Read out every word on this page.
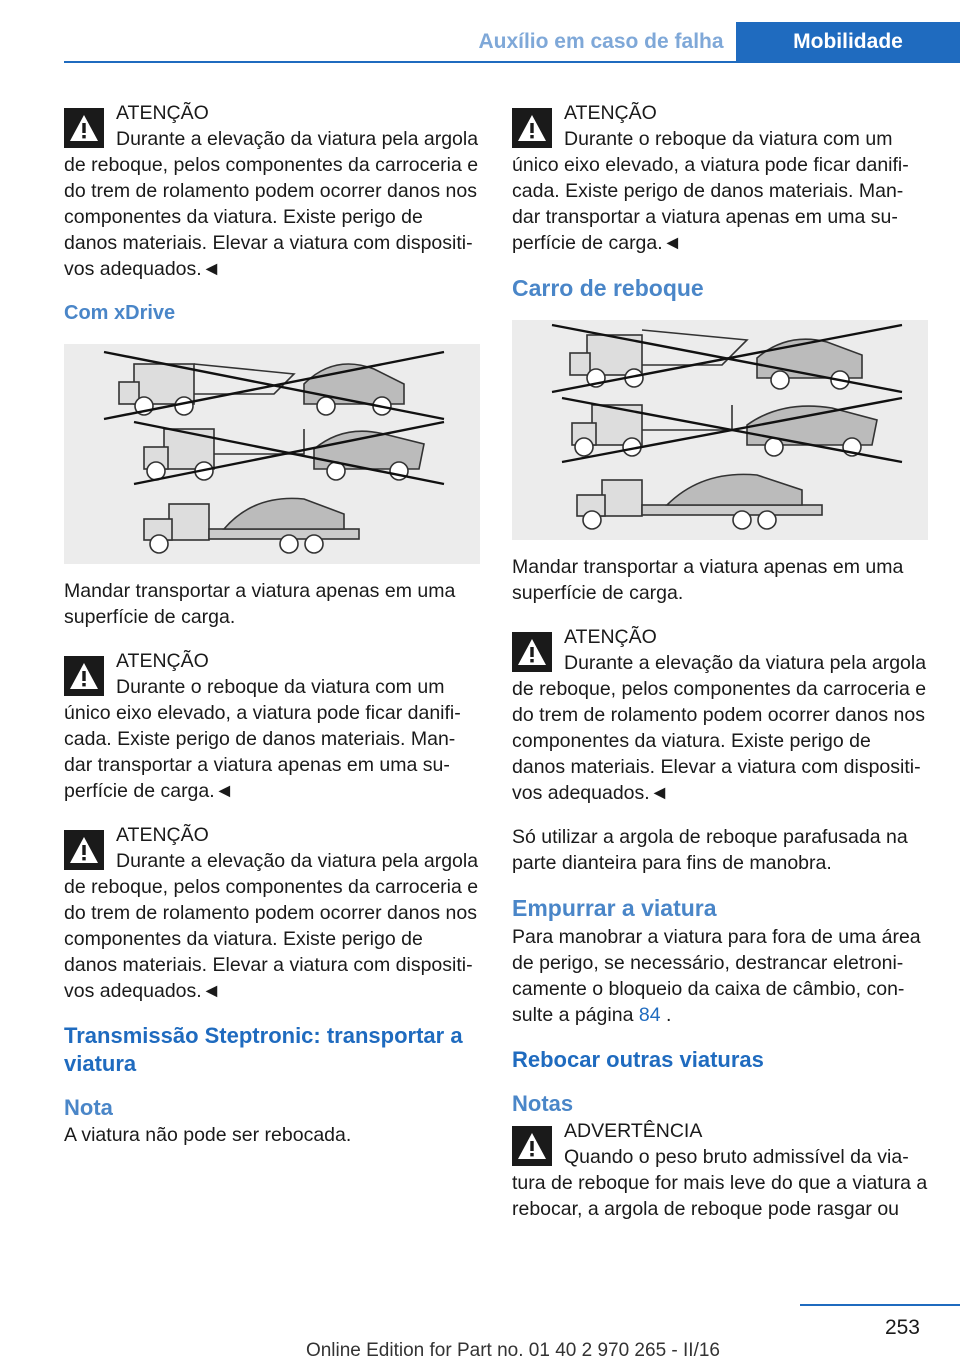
Auxílio em caso de falha	Mobilidade
ATENÇÃO
Durante a elevação da viatura pela argola de reboque, pelos componentes da carroceria e do trem de rolamento podem ocorrer danos nos componentes da viatura. Existe perigo de danos materiais. Elevar a viatura com dispositi-vos adequados.◄
Com xDrive

Mandar transportar a viatura apenas em uma superfície de carga.

ATENÇÃO
Durante o reboque da viatura com um único eixo elevado, a viatura pode ficar danifi-cada. Existe perigo de danos materiais. Man-dar transportar a viatura apenas em uma su-perfície de carga.◄
ATENÇÃO
Durante a elevação da viatura pela argola de reboque, pelos componentes da carroceria e do trem de rolamento podem ocorrer danos nos componentes da viatura. Existe perigo de danos materiais. Elevar a viatura com dispositi-vos adequados.◄
Transmissão Steptronic: transportar a viatura
Nota

A viatura não pode ser rebocada.

ATENÇÃO
Durante o reboque da viatura com um único eixo elevado, a viatura pode ficar danifi-cada. Existe perigo de danos materiais. Man-dar transportar a viatura apenas em uma su-perfície de carga.◄
Carro de reboque

Mandar transportar a viatura apenas em uma superfície de carga.

ATENÇÃO
Durante a elevação da viatura pela argola de reboque, pelos componentes da carroceria e do trem de rolamento podem ocorrer danos nos componentes da viatura. Existe perigo de danos materiais. Elevar a viatura com dispositi-vos adequados.◄

Só utilizar a argola de reboque parafusada na parte dianteira para fins de manobra.

Empurrar a viatura

Para manobrar a viatura para fora de uma área de perigo, se necessário, destrancar eletroni-camente o bloqueio da caixa de câmbio, con-sulte a página 84 .

Rebocar outras viaturas
Notas
ADVERTÊNCIA
Quando o peso bruto admissível da via-tura de reboque for mais leve do que a viatura a rebocar, a argola de reboque pode rasgar ou
253
Online Edition for Part no. 01 40 2 970 265 - II/16
